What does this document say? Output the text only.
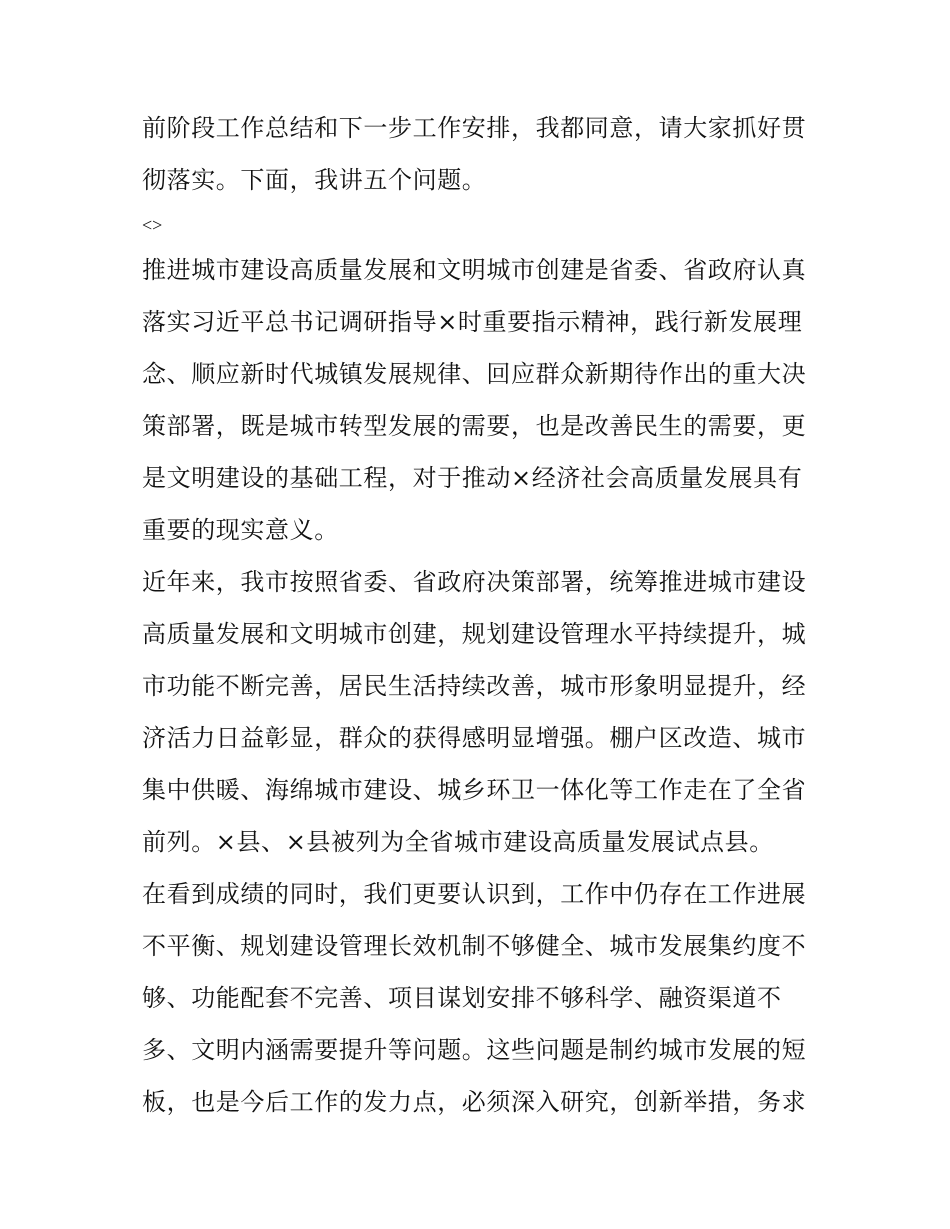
前阶段工作总结和下一步工作安排，我都同意，请大家抓好贯
彻落实。下面，我讲五个问题。
<>
推进城市建设高质量发展和文明城市创建是省委、省政府认真
落实习近平总书记调研指导×时重要指示精神，践行新发展理
念、顺应新时代城镇发展规律、回应群众新期待作出的重大决
策部署，既是城市转型发展的需要，也是改善民生的需要，更
是文明建设的基础工程，对于推动×经济社会高质量发展具有
重要的现实意义。
近年来，我市按照省委、省政府决策部署，统筹推进城市建设
高质量发展和文明城市创建，规划建设管理水平持续提升，城
市功能不断完善，居民生活持续改善，城市形象明显提升，经
济活力日益彰显，群众的获得感明显增强。棚户区改造、城市
集中供暖、海绵城市建设、城乡环卫一体化等工作走在了全省
前列。×县、×县被列为全省城市建设高质量发展试点县。
在看到成绩的同时，我们更要认识到，工作中仍存在工作进展
不平衡、规划建设管理长效机制不够健全、城市发展集约度不
够、功能配套不完善、项目谋划安排不够科学、融资渠道不
多、文明内涵需要提升等问题。这些问题是制约城市发展的短
板，也是今后工作的发力点，必须深入研究，创新举措，务求
